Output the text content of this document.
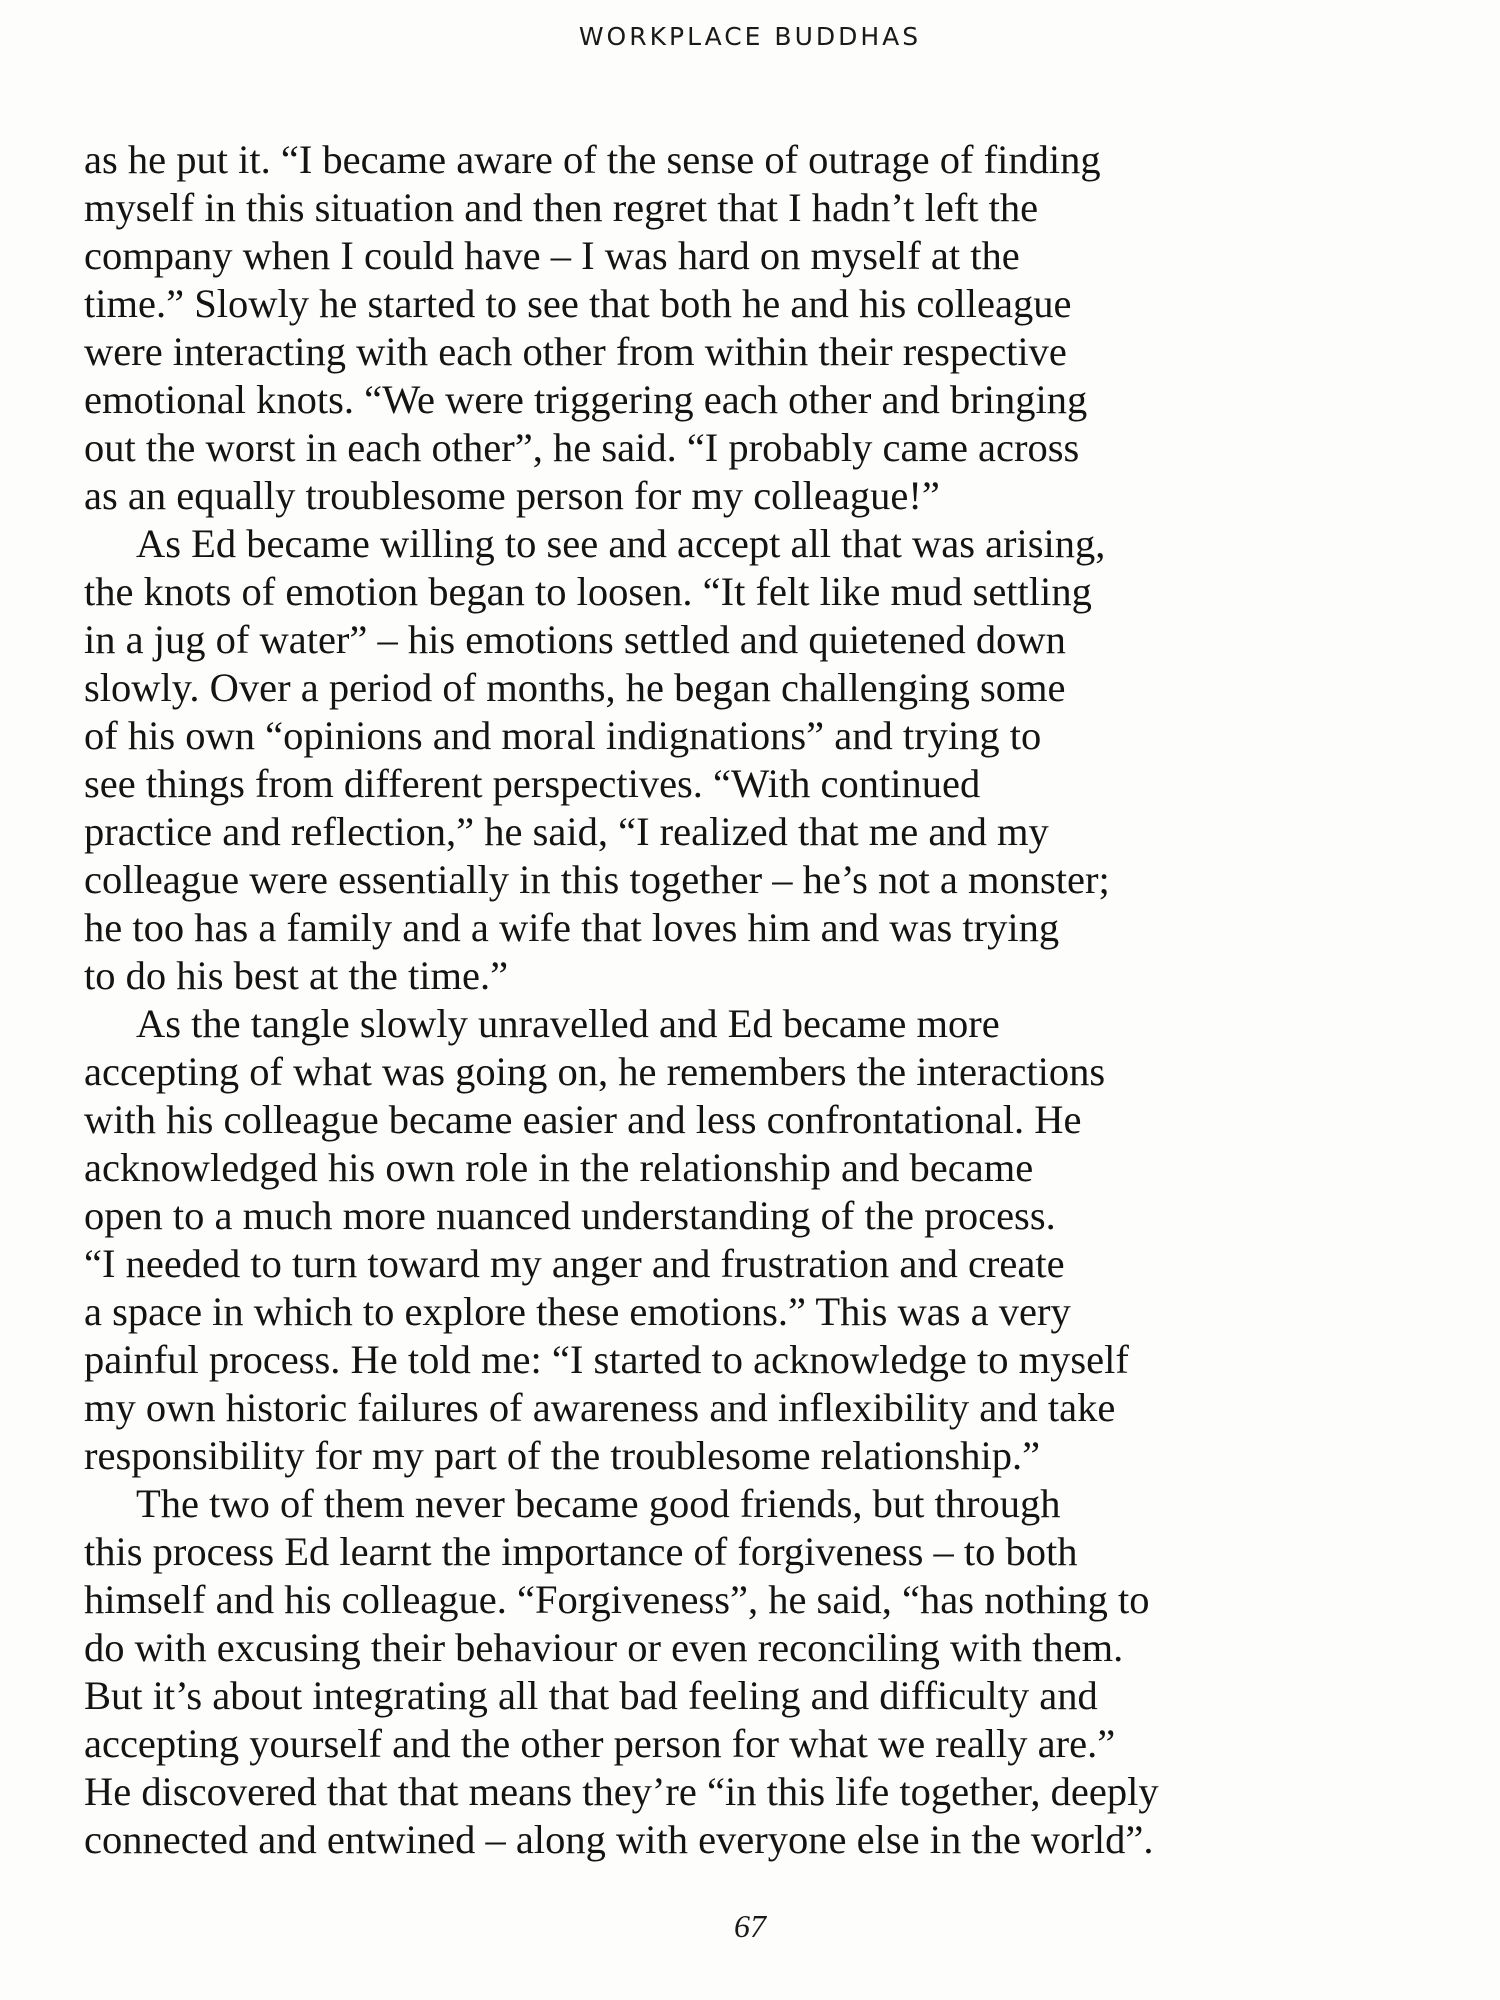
WORKPLACE BUDDHAS
as he put it. “I became aware of the sense of outrage of finding
myself in this situation and then regret that I hadn’t left the
company when I could have – I was hard on myself at the
time.” Slowly he started to see that both he and his colleague
were interacting with each other from within their respective
emotional knots. “We were triggering each other and bringing
out the worst in each other”, he said. “I probably came across
as an equally troublesome person for my colleague!”
As Ed became willing to see and accept all that was arising,
the knots of emotion began to loosen. “It felt like mud settling
in a jug of water” – his emotions settled and quietened down
slowly. Over a period of months, he began challenging some
of his own “opinions and moral indignations” and trying to
see things from different perspectives. “With continued
practice and reflection,” he said, “I realized that me and my
colleague were essentially in this together – he’s not a monster;
he too has a family and a wife that loves him and was trying
to do his best at the time.”
As the tangle slowly unravelled and Ed became more
accepting of what was going on, he remembers the interactions
with his colleague became easier and less confrontational. He
acknowledged his own role in the relationship and became
open to a much more nuanced understanding of the process.
“I needed to turn toward my anger and frustration and create
a space in which to explore these emotions.” This was a very
painful process. He told me: “I started to acknowledge to myself
my own historic failures of awareness and inflexibility and take
responsibility for my part of the troublesome relationship.”
The two of them never became good friends, but through
this process Ed learnt the importance of forgiveness – to both
himself and his colleague. “Forgiveness”, he said, “has nothing to
do with excusing their behaviour or even reconciling with them.
But it’s about integrating all that bad feeling and difficulty and
accepting yourself and the other person for what we really are.”
He discovered that that means they’re “in this life together, deeply
connected and entwined – along with everyone else in the world”.
67
